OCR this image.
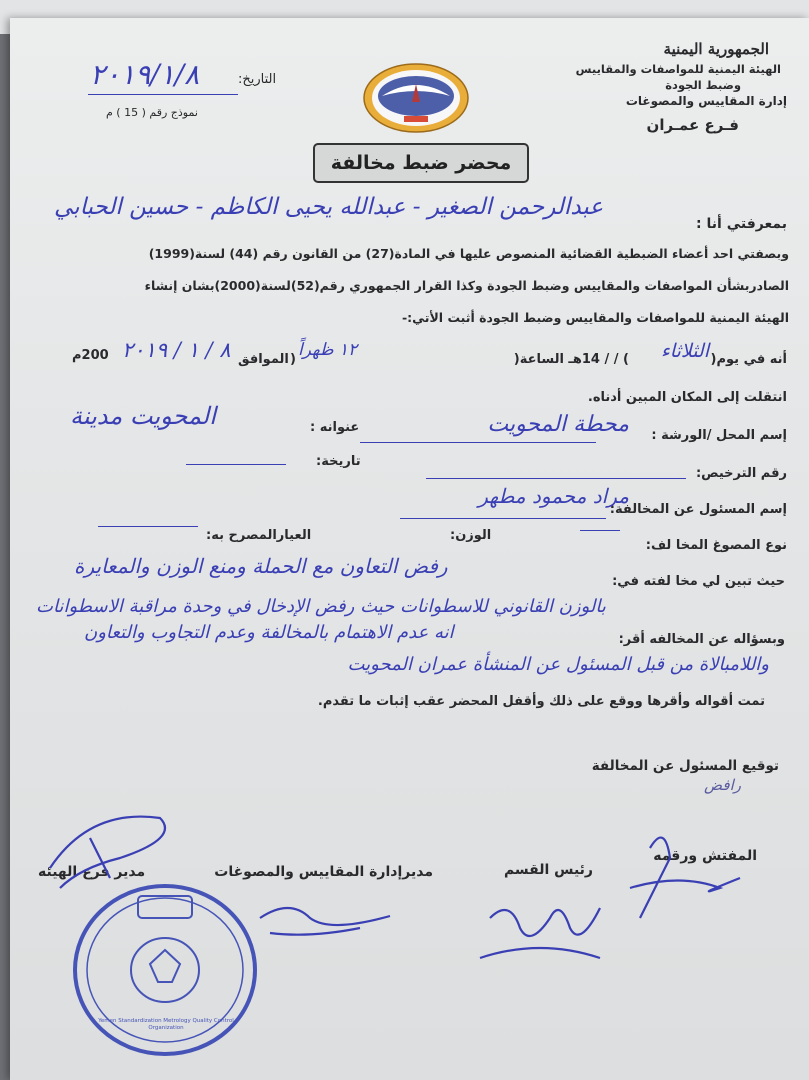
الجمهورية اليمنية
الهيئة اليمنية للمواصفات والمقاييس
وضبط الجودة
إدارة المقاييس والمصوغات
فـرع عمـران
التاريخ:
٢٠١٩/١/٨
نموذج رقم ( 15 ) م
محضر ضبط مخالفة
بمعرفتي أنا :
عبدالرحمن الصغير - عبدالله يحيى الكاظم - حسين الحبابي
وبصفتي احد أعضاء الضبطية القضائية المنصوص عليها في المادة(27) من القانون رقم (44) لسنة(1999)
الصادربشأن المواصفات والمقاييس وضبط الجودة وكذا القرار الجمهوري رقم(52)لسنة(2000)بشان إنشاء
الهيئة اليمنية للمواصفات والمقاييس وضبط الجودة أثبت الأتي:-
أنه في يوم(
الثلاثاء
) / / 14هـ الساعة(
١٢ ظهراً
)
الموافق
٨ / ١ / ٢٠١٩
200م
انتقلت إلى المكان المبين أدناه.
إسم المحل /الورشة :
محطة المحويت
عنوانه :
المحويت مدينة
رقم الترخيص:
تاريخة:
إسم المسئول عن المخالفة:
مراد محمود مطهر
نوع المصوغ المخا لف:
الوزن:
العيارالمصرح به:
حيث تبين لي مخا لفته في:
رفض التعاون مع الحملة ومنع الوزن والمعايرة
بالوزن القانوني للاسطوانات حيث رفض الإدخال في وحدة مراقبة الاسطوانات
وبسؤاله عن المخالفه أقر:
انه عدم الاهتمام بالمخالفة وعدم التجاوب والتعاون
واللامبالاة من قبل المسئول عن المنشأة عمران المحويت
تمت أقواله وأقرها ووقع على ذلك وأقفل المحضر عقب إثبات ما تقدم.
توقيع المسئول عن المخالفة
رافض
المفتش ورقمه
رئيس القسم
مديرإدارة المقاييس والمصوغات
مدير فرع الهيئه
Yemen Standardization Metrology Quality Control Organization
